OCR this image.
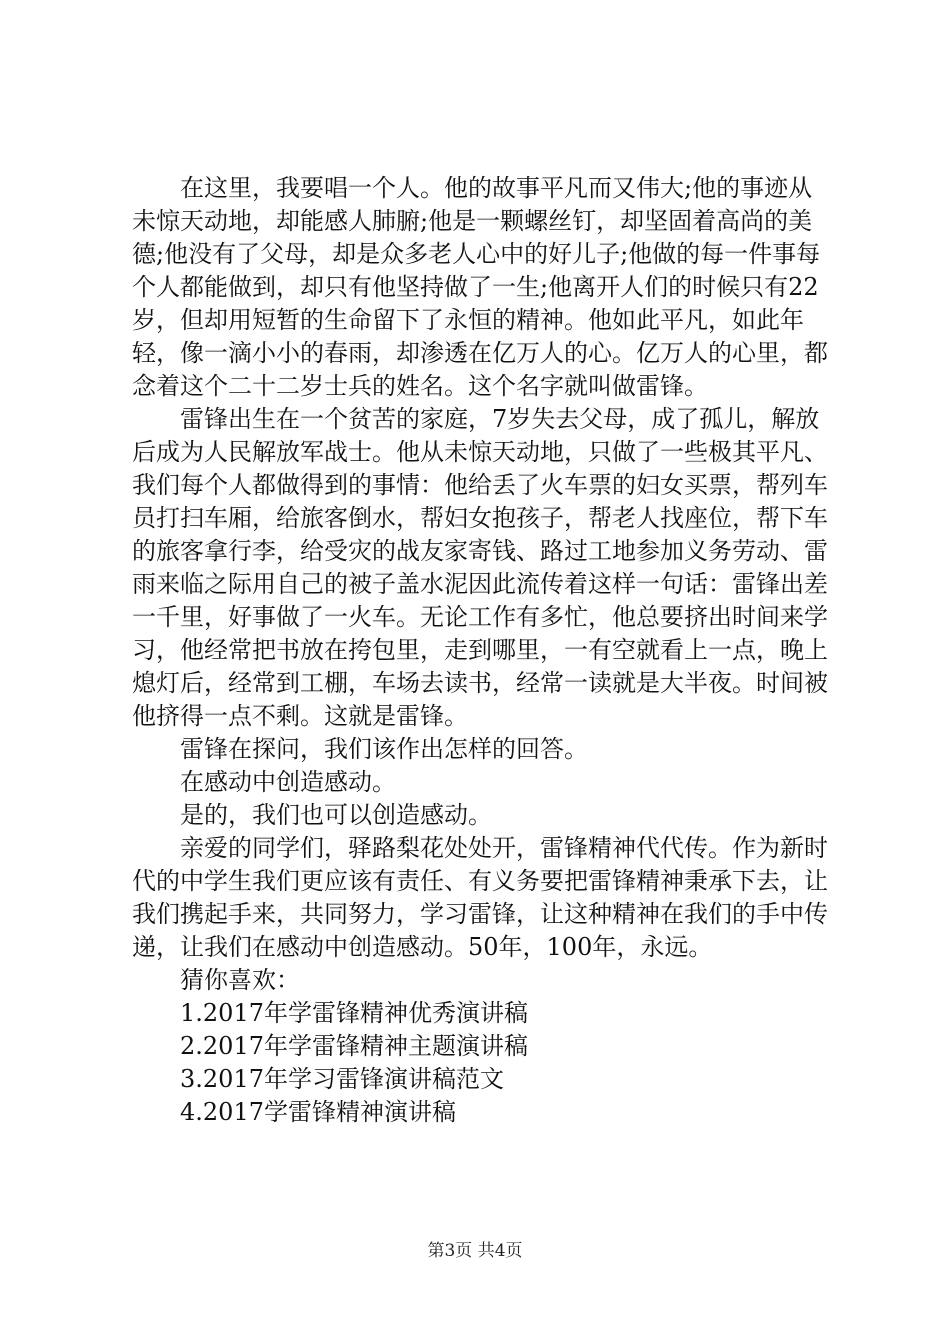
在这里，我要唱一个人。他的故事平凡而又伟大;他的事迹从未惊天动地，却能感人肺腑;他是一颗螺丝钉，却坚固着高尚的美德;他没有了父母，却是众多老人心中的好儿子;他做的每一件事每个人都能做到，却只有他坚持做了一生;他离开人们的时候只有22岁，但却用短暂的生命留下了永恒的精神。他如此平凡，如此年轻，像一滴小小的春雨，却渗透在亿万人的心。亿万人的心里，都念着这个二十二岁士兵的姓名。这个名字就叫做雷锋。

雷锋出生在一个贫苦的家庭，7岁失去父母，成了孤儿，解放后成为人民解放军战士。他从未惊天动地，只做了一些极其平凡、我们每个人都做得到的事情：他给丢了火车票的妇女买票，帮列车员打扫车厢，给旅客倒水，帮妇女抱孩子，帮老人找座位，帮下车的旅客拿行李，给受灾的战友家寄钱、路过工地参加义务劳动、雷雨来临之际用自己的被子盖水泥因此流传着这样一句话：雷锋出差一千里，好事做了一火车。无论工作有多忙，他总要挤出时间来学习，他经常把书放在挎包里，走到哪里，一有空就看上一点，晚上熄灯后，经常到工棚，车场去读书，经常一读就是大半夜。时间被他挤得一点不剩。这就是雷锋。

雷锋在探问，我们该作出怎样的回答。

在感动中创造感动。

是的，我们也可以创造感动。

亲爱的同学们，驿路梨花处处开，雷锋精神代代传。作为新时代的中学生我们更应该有责任、有义务要把雷锋精神秉承下去，让我们携起手来，共同努力，学习雷锋，让这种精神在我们的手中传递，让我们在感动中创造感动。50年，100年，永远。

猜你喜欢：

1.2017年学雷锋精神优秀演讲稿

2.2017年学雷锋精神主题演讲稿

3.2017年学习雷锋演讲稿范文

4.2017学雷锋精神演讲稿

第3页 共4页
